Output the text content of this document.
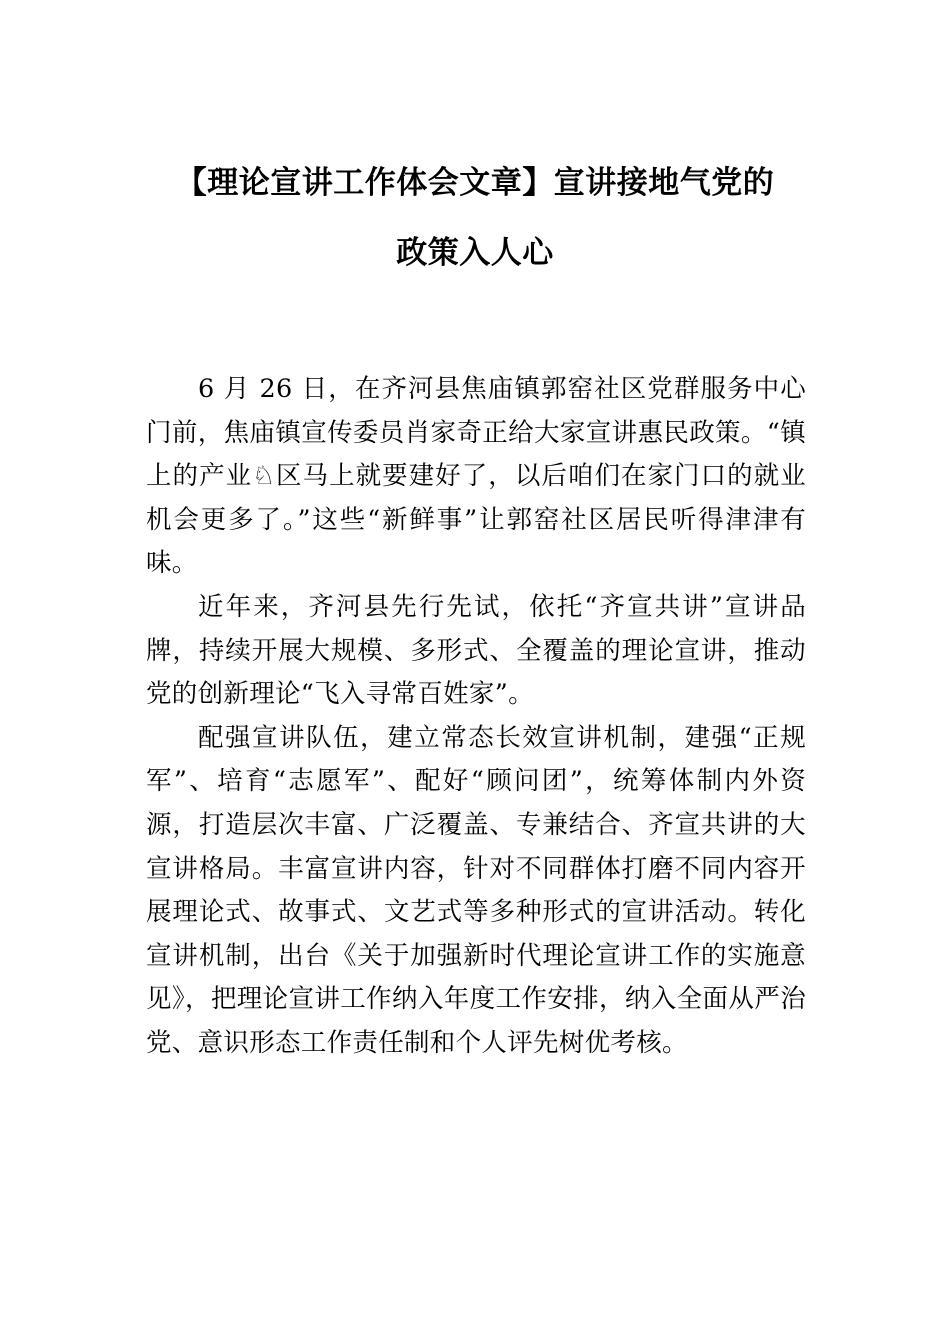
【理论宣讲工作体会文章】宣讲接地气党的
政策入人心

6 月 26 日，在齐河县焦庙镇郭窑社区党群服务中心门前，焦庙镇宣传委员肖家奇正给大家宣讲惠民政策。“镇上的产业♘区马上就要建好了，以后咱们在家门口的就业机会更多了。”这些“新鲜事”让郭窑社区居民听得津津有味。

近年来，齐河县先行先试，依托“齐宣共讲”宣讲品牌，持续开展大规模、多形式、全覆盖的理论宣讲，推动党的创新理论“飞入寻常百姓家”。

配强宣讲队伍，建立常态长效宣讲机制，建强“正规军”、培育“志愿军”、配好“顾问团”，统筹体制内外资源，打造层次丰富、广泛覆盖、专兼结合、齐宣共讲的大宣讲格局。丰富宣讲内容，针对不同群体打磨不同内容开展理论式、故事式、文艺式等多种形式的宣讲活动。转化宣讲机制，出台《关于加强新时代理论宣讲工作的实施意见》，把理论宣讲工作纳入年度工作安排，纳入全面从严治党、意识形态工作责任制和个人评先树优考核。
